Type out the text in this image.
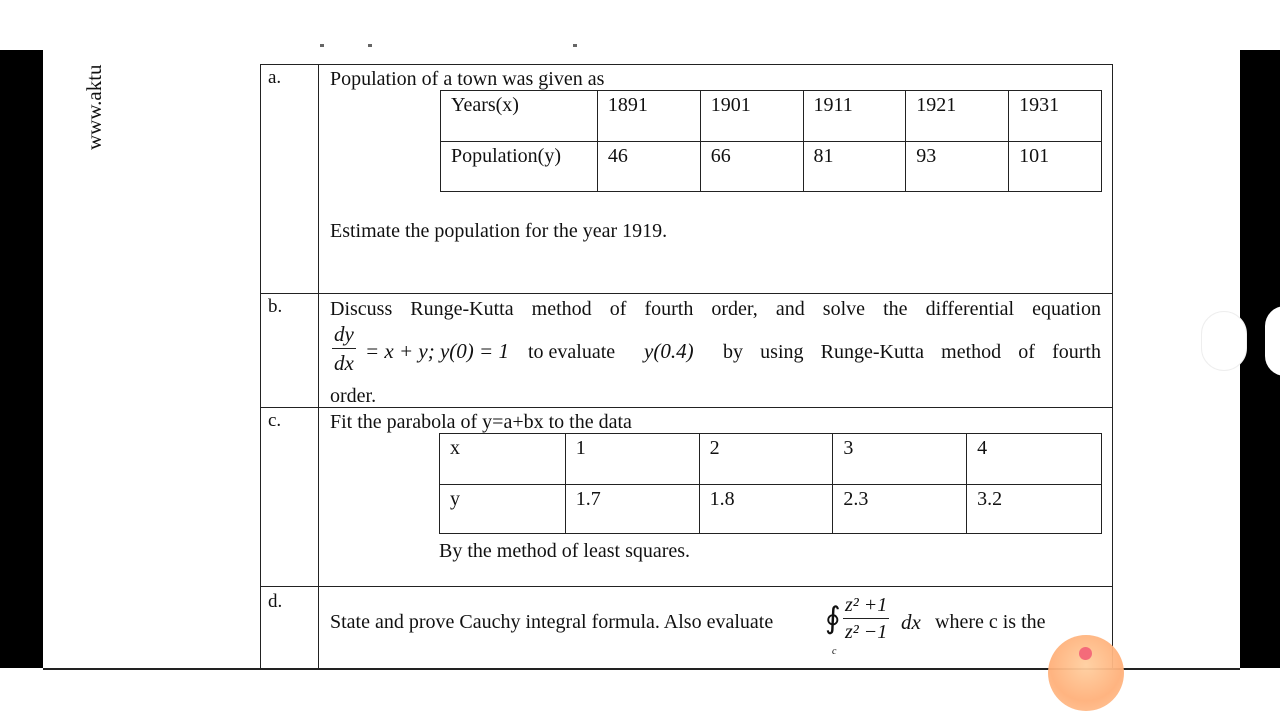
www.aktu	a. Population of a town was given as
Years(x)	1891	1901	1911	1921	1931
Population(y)	46	66	81	93	101
Estimate the population for the year 1919.
b. Discuss Runge-Kutta method of fourth order, and solve the differential equation
$\frac{dy}{dx} = x + y$; y(0) = 1 to evaluate y(0.4) by using Runge-Kutta method of fourth
order.
c. Fit the parabola of y=a+bx to the data
x	1	2	3	4
y	1.7	1.8	2.3	3.2
By the method of least squares.
d.
State and prove Cauchy integral formula. Also evaluate ∮
c
$\frac{\text{z² +1}}{\text{z² −1}}$ dx where c is the
